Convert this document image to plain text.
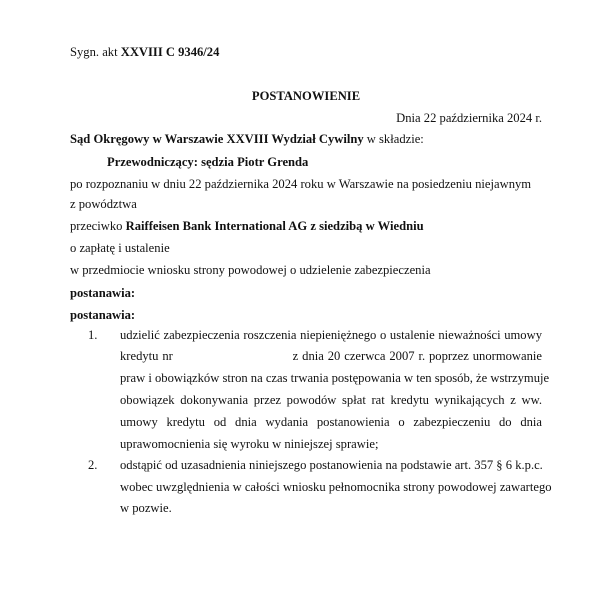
Sygn. akt XXVIII C 9346/24
POSTANOWIENIE
Dnia 22 października 2024 r.
Sąd Okręgowy w Warszawie XXVIII Wydział Cywilny w składzie:
Przewodniczący: sędzia Piotr Grenda
po rozpoznaniu w dniu 22 października 2024 roku w Warszawie na posiedzeniu niejawnym
z powództwa
przeciwko Raiffeisen Bank International AG z siedzibą w Wiedniu
o zapłatę i ustalenie
w przedmiocie wniosku strony powodowej o udzielenie zabezpieczenia
postanawia:
postanawia:
1. udzielić zabezpieczenia roszczenia niepieniężnego o ustalenie nieważności umowy
kredytu nr	z dnia 20 czerwca 2007 r. poprzez unormowanie
praw i obowiązków stron na czas trwania postępowania w ten sposób, że wstrzymuje
obowiązek dokonywania przez powodów spłat rat kredytu wynikających z ww.
umowy kredytu od dnia wydania postanowienia o zabezpieczeniu do dnia
uprawomocnienia się wyroku w niniejszej sprawie;
2. odstąpić od uzasadnienia niniejszego postanowienia na podstawie art. 357 § 6 k.p.c.
wobec uwzględnienia w całości wniosku pełnomocnika strony powodowej zawartego
w pozwie.
